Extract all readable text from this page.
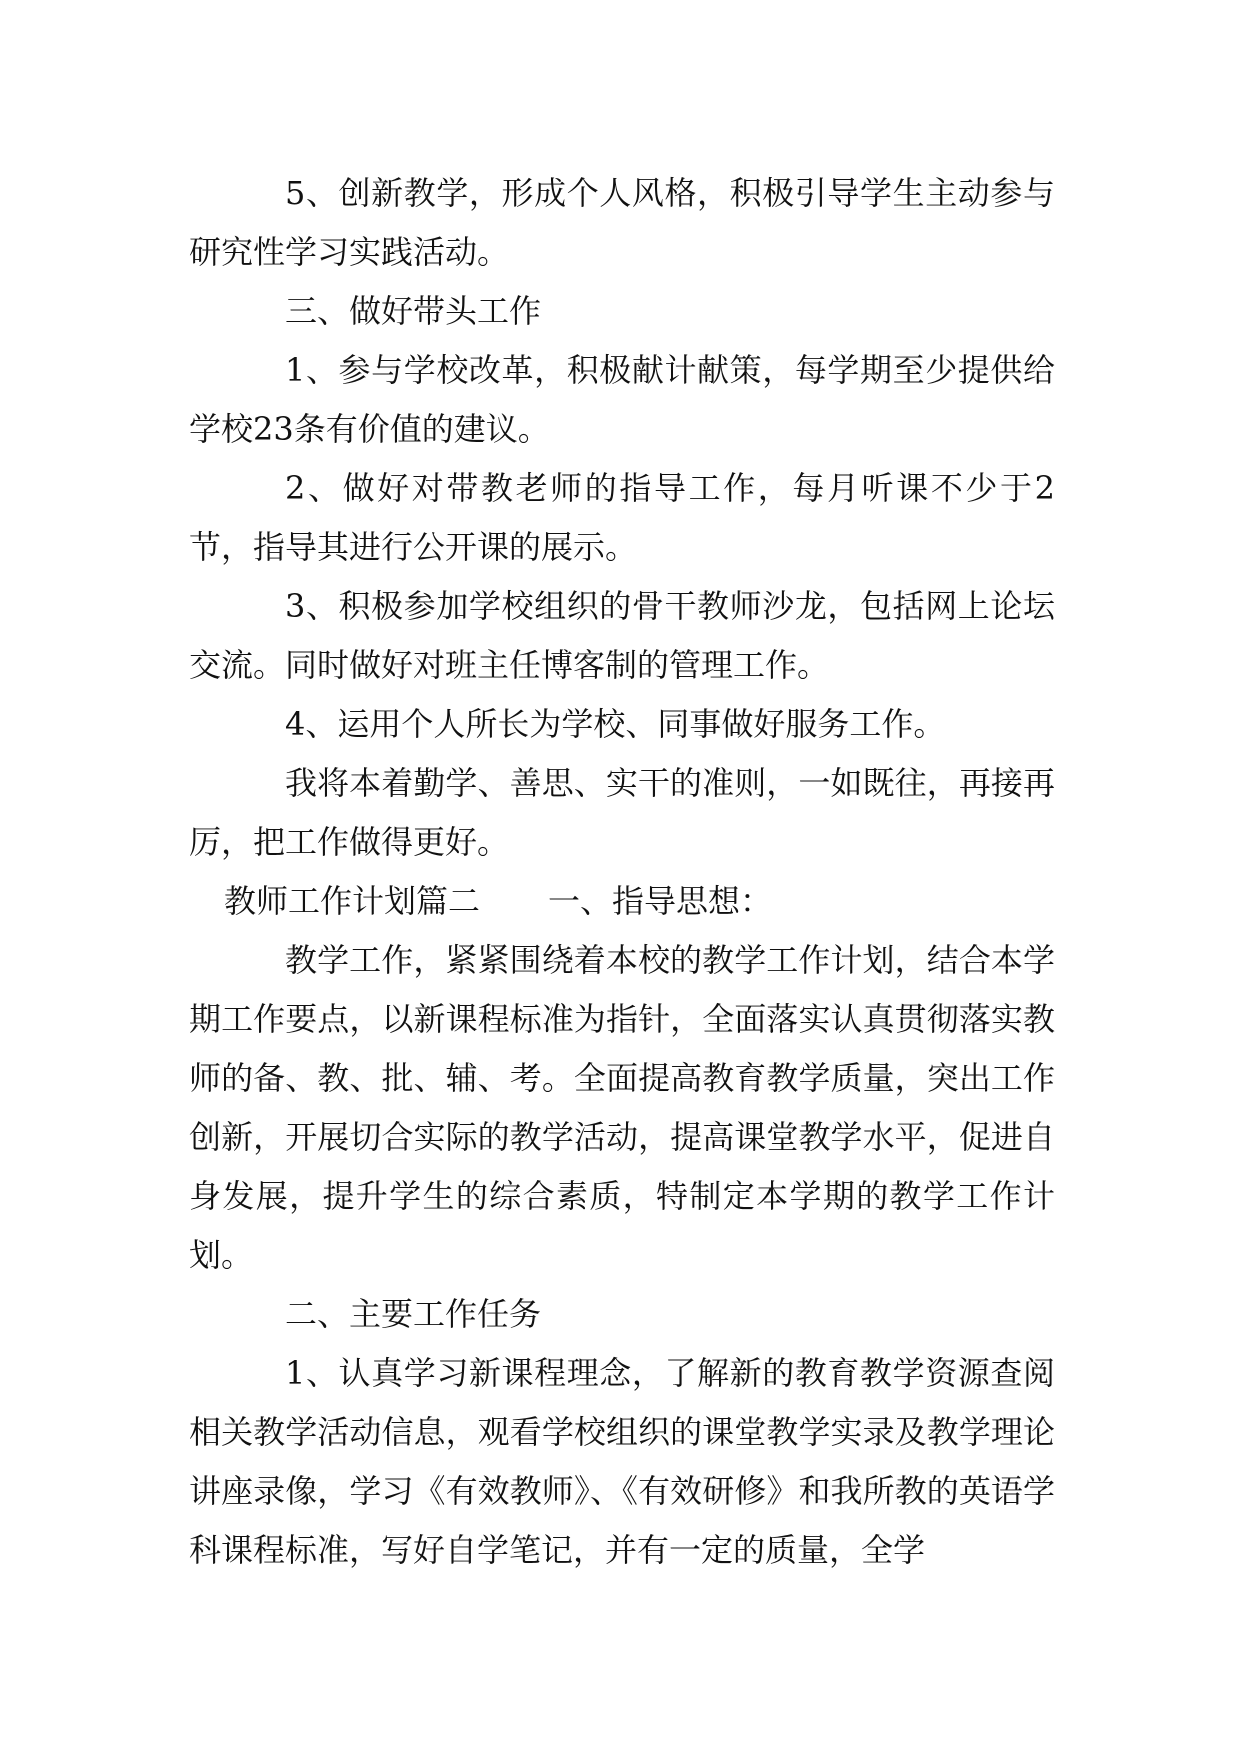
5、创新教学，形成个人风格，积极引导学生主动参与研究性学习实践活动。

三、做好带头工作

1、参与学校改革，积极献计献策，每学期至少提供给学校23条有价值的建议。

2、做好对带教老师的指导工作，每月听课不少于2节，指导其进行公开课的展示。

3、积极参加学校组织的骨干教师沙龙，包括网上论坛交流。同时做好对班主任博客制的管理工作。

4、运用个人所长为学校、同事做好服务工作。

我将本着勤学、善思、实干的准则，一如既往，再接再厉，把工作做得更好。

教师工作计划篇二 一、指导思想：

教学工作，紧紧围绕着本校的教学工作计划，结合本学期工作要点，以新课程标准为指针，全面落实认真贯彻落实教师的备、教、批、辅、考。全面提高教育教学质量，突出工作创新，开展切合实际的教学活动，提高课堂教学水平，促进自身发展，提升学生的综合素质，特制定本学期的教学工作计划。

二、主要工作任务

1、认真学习新课程理念，了解新的教育教学资源查阅相关教学活动信息，观看学校组织的课堂教学实录及教学理论讲座录像，学习《有效教师》、《有效研修》和我所教的英语学科课程标准，写好自学笔记，并有一定的质量，全学
